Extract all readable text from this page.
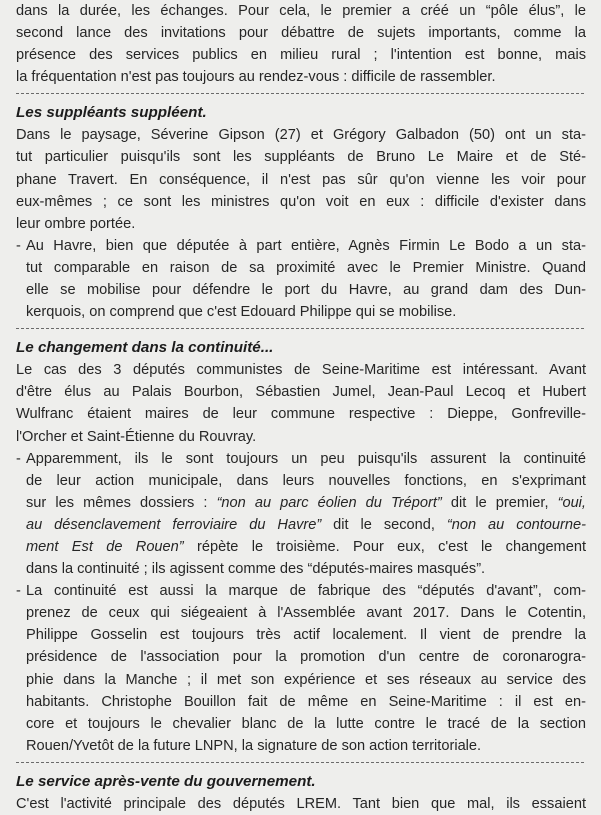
dans la durée, les échanges. Pour cela, le premier a créé un “pôle élus”, le
second lance des invitations pour débattre de sujets importants, comme la
présence des services publics en milieu rural ; l'intention est bonne, mais
la fréquentation n'est pas toujours au rendez-vous : difficile de rassembler.
Les suppléants suppléent.
Dans le paysage, Séverine Gipson (27) et Grégory Galbadon (50) ont un sta-
tut particulier puisqu'ils sont les suppléants de Bruno Le Maire et de Sté-
phane Travert. En conséquence, il n'est pas sûr qu'on vienne les voir pour
eux-mêmes ; ce sont les ministres qu'on voit en eux : difficile d'exister dans
leur ombre portée.
- Au Havre, bien que députée à part entière, Agnès Firmin Le Bodo a un sta-
tut comparable en raison de sa proximité avec le Premier Ministre. Quand
elle se mobilise pour défendre le port du Havre, au grand dam des Dun-
kerquois, on comprend que c'est Edouard Philippe qui se mobilise.
Le changement dans la continuité...
Le cas des 3 députés communistes de Seine-Maritime est intéressant. Avant
d'être élus au Palais Bourbon, Sébastien Jumel, Jean-Paul Lecoq et Hubert
Wulfranc étaient maires de leur commune respective : Dieppe, Gonfreville-
l'Orcher et Saint-Étienne du Rouvray.
- Apparemment, ils le sont toujours un peu puisqu'ils assurent la continuité
de leur action municipale, dans leurs nouvelles fonctions, en s'exprimant
sur les mêmes dossiers : “non au parc éolien du Tréport” dit le premier, “oui,
au désenclavement ferroviaire du Havre” dit le second, “non au contourne-
ment Est de Rouen” répète le troisième. Pour eux, c'est le changement
dans la continuité ; ils agissent comme des “députés-maires masqués”.
- La continuité est aussi la marque de fabrique des “députés d'avant”, com-
prenez de ceux qui siégeaient à l'Assemblée avant 2017. Dans le Cotentin,
Philippe Gosselin est toujours très actif localement. Il vient de prendre la
présidence de l'association pour la promotion d'un centre de coronarogra-
phie dans la Manche ; il met son expérience et ses réseaux au service des
habitants. Christophe Bouillon fait de même en Seine-Maritime : il est en-
core et toujours le chevalier blanc de la lutte contre le tracé de la section
Rouen/Yvetôt de la future LNPN, la signature de son action territoriale.
Le service après-vente du gouvernement.
C'est l'activité principale des députés LREM. Tant bien que mal, ils essaient
